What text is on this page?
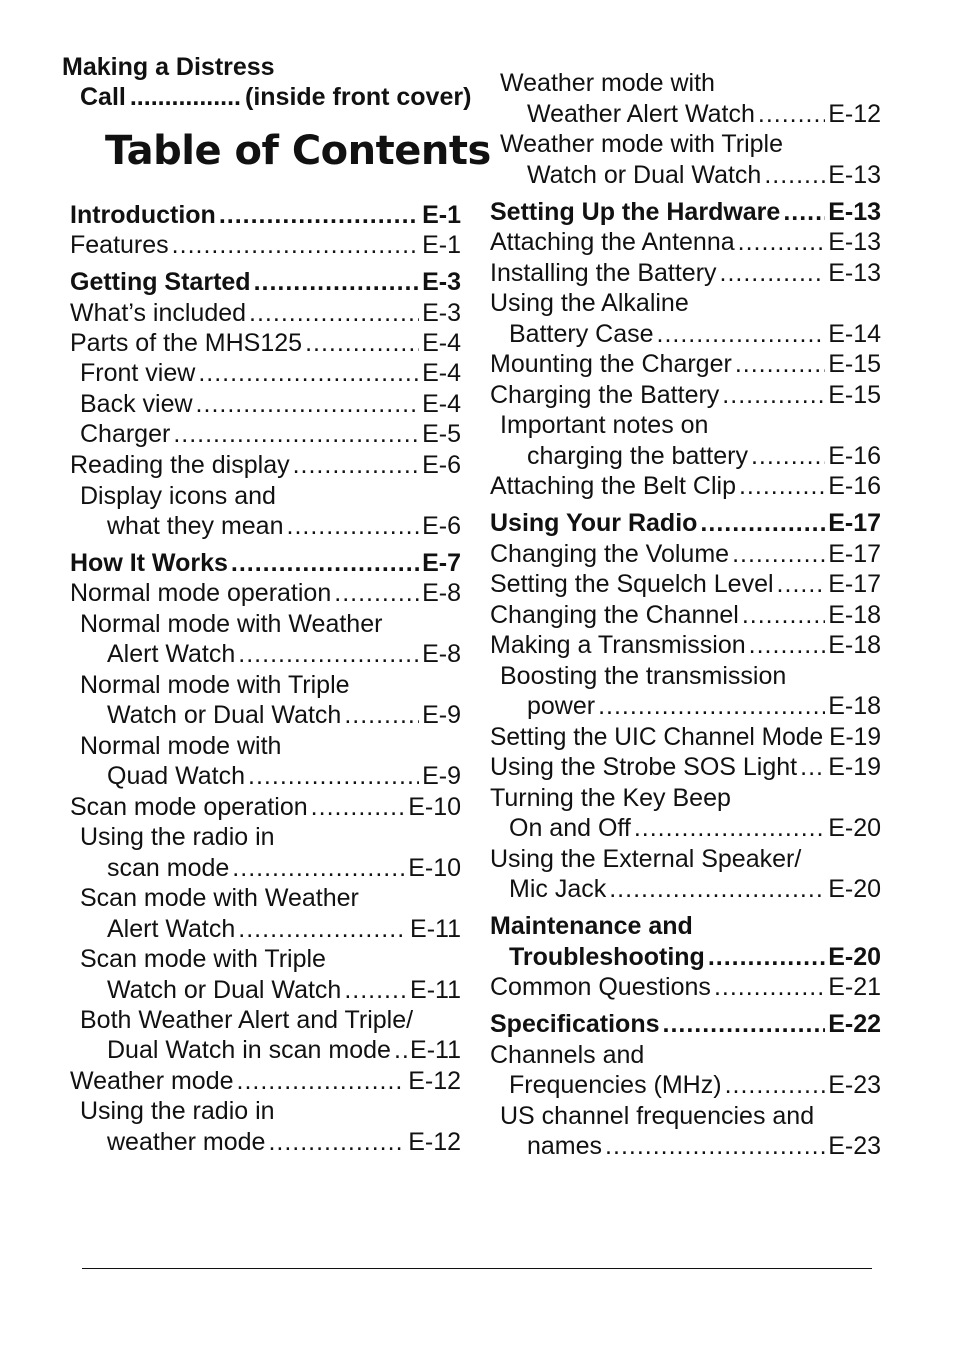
Making a Distress
Call ................ (inside front cover)
Table of Contents
Introduction .....	E-1
Features .....	E-1
Getting Started .....	E-3
What’s included .....	E-3
Parts of the MHS125 .....	E-4
Front view .....	E-4
Back view .....	E-4
Charger .....	E-5
Reading the display .....	E-6
Display icons and
what they mean .....	E-6
How It Works .....	E-7
Normal mode operation .....	E-8
Normal mode with Weather
Alert Watch .....	E-8
Normal mode with Triple
Watch or Dual Watch .....	E-9
Normal mode with
Quad Watch .....	E-9
Scan mode operation .....	E-10
Using the radio in
scan mode .....	E-10
Scan mode with Weather
Alert Watch .....	E-11
Scan mode with Triple
Watch or Dual Watch .....	E-11
Both Weather Alert and Triple/
Dual Watch in scan mode ..... E-11
Weather mode .....	E-12
Using the radio in
weather mode .....	E-12
Weather mode with
Weather Alert Watch .....	E-12
Weather mode with Triple
Watch or Dual Watch .....	E-13
Setting Up the Hardware ..... E-13
Attaching the Antenna .....	E-13
Installing the Battery .....	E-13
Using the Alkaline
Battery Case .....	E-14
Mounting the Charger .....	E-15
Charging the Battery .....	E-15
Important notes on
charging the battery .....	E-16
Attaching the Belt Clip .....	E-16
Using Your Radio .....	E-17
Changing the Volume .....	E-17
Setting the Squelch Level ..... E-17
Changing the Channel .....	E-18
Making a Transmission .....	E-18
Boosting the transmission
power .....	E-18
Setting the UIC Channel Mode ..... E-19
Using the Strobe SOS Light ..... E-19
Turning the Key Beep
On and Off .....	E-20
Using the External Speaker/
Mic Jack .....	E-20
Maintenance and
Troubleshooting .....	E-20
Common Questions .....	E-21
Specifications .....	E-22
Channels and
Frequencies (MHz) .....	E-23
US channel frequencies and
names .....	E-23
